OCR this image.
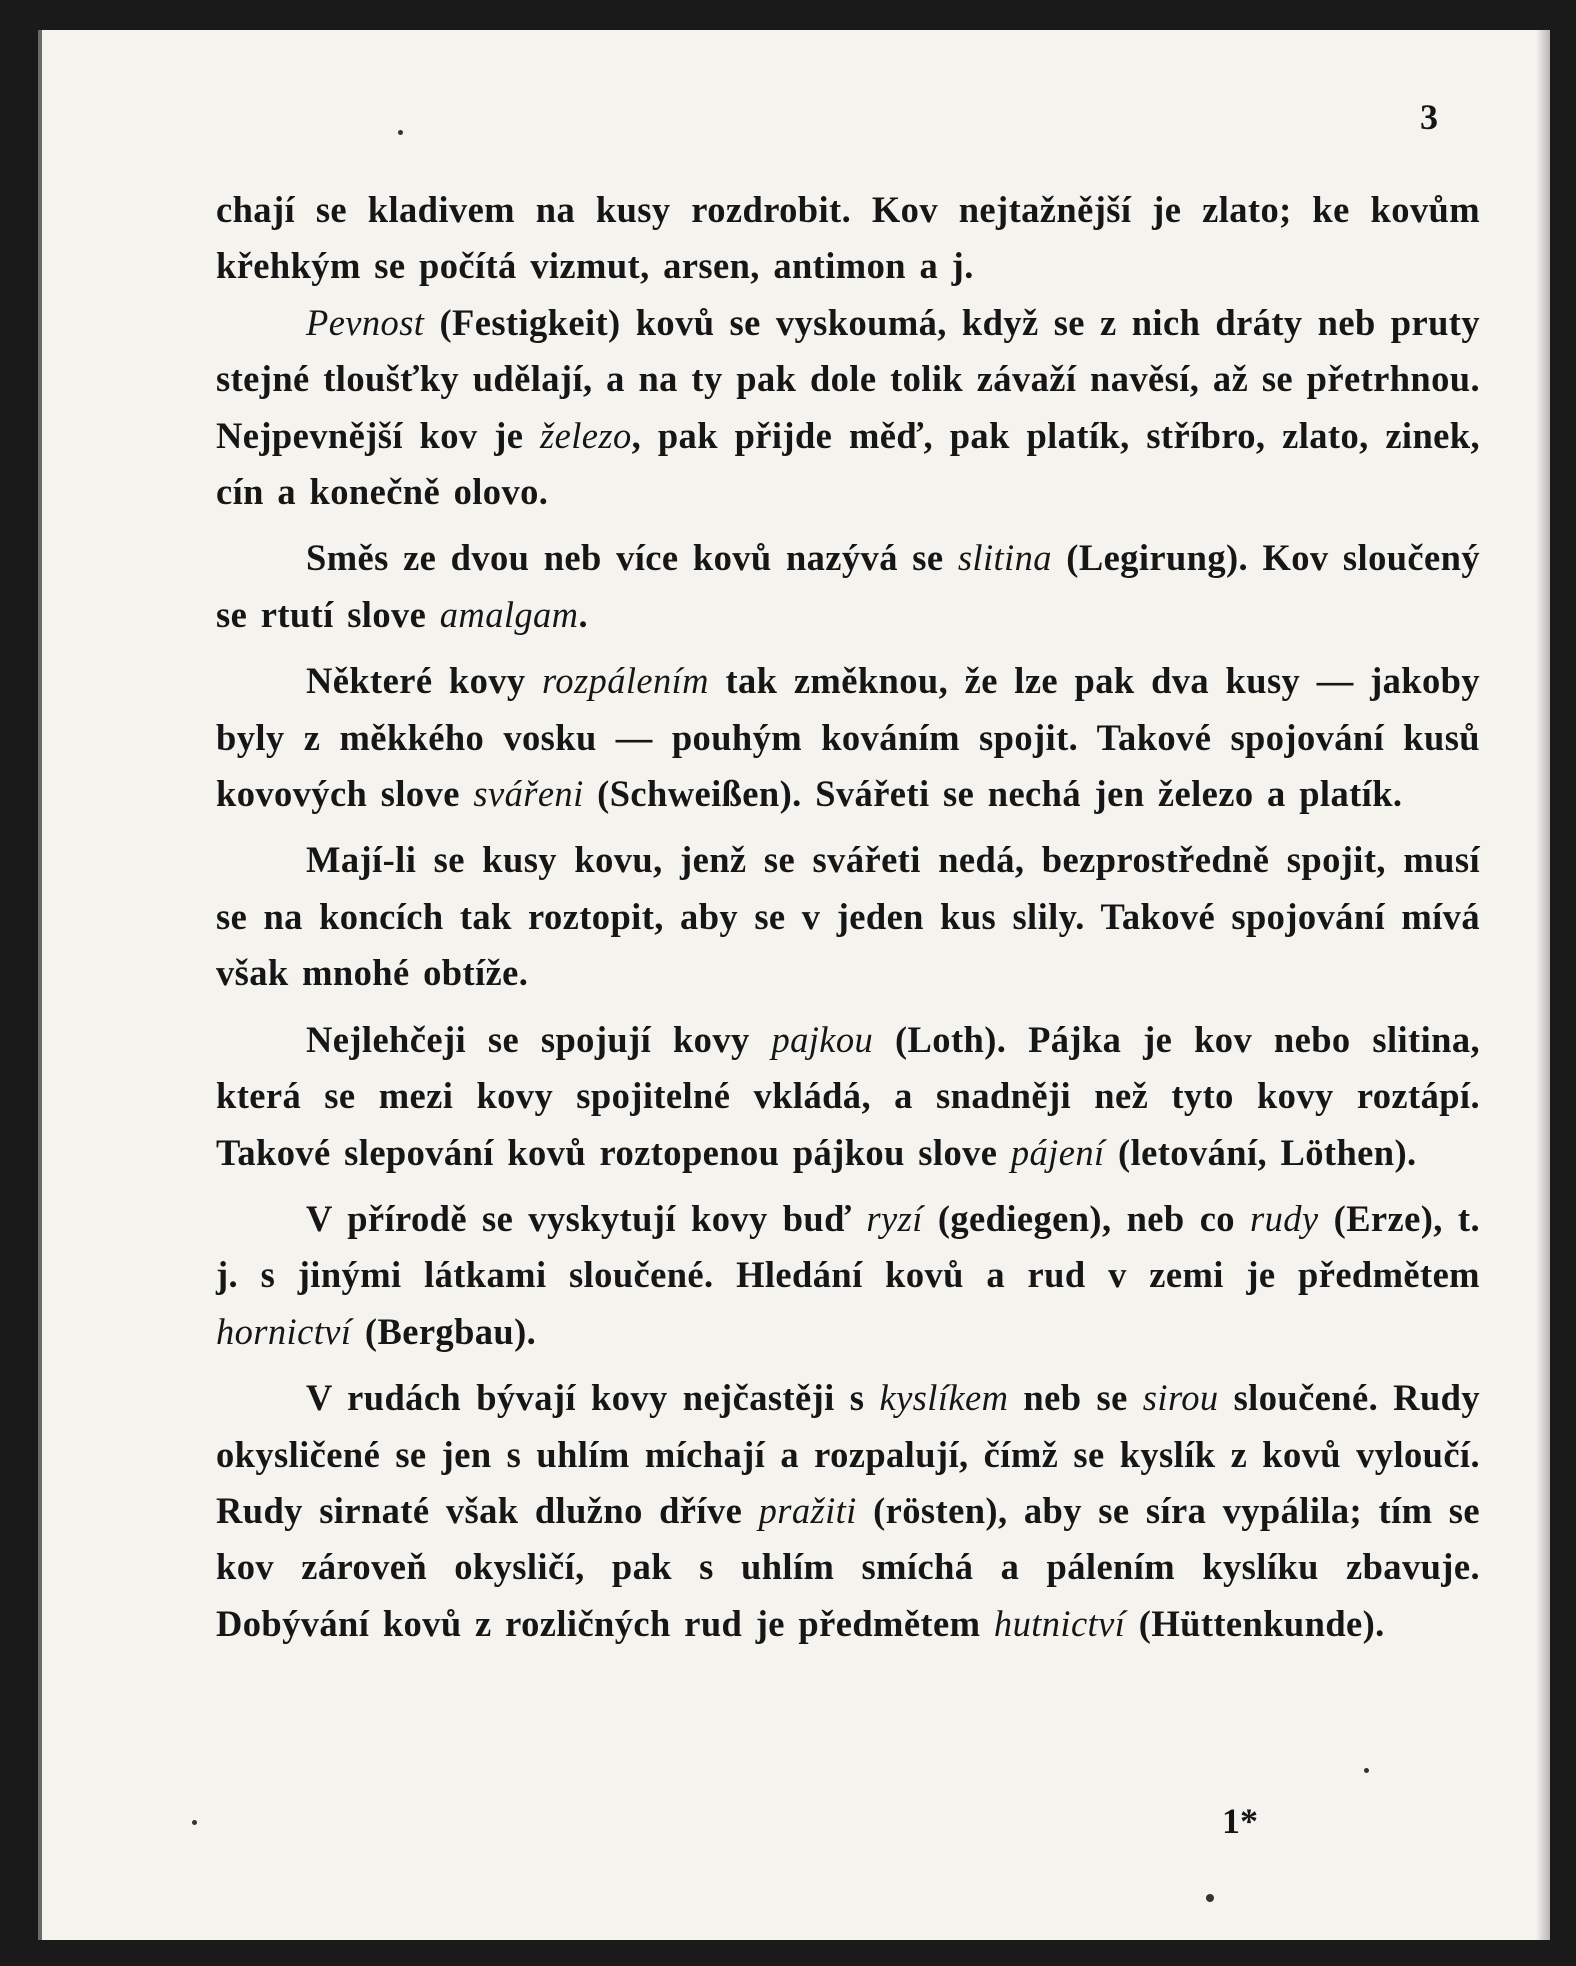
3

chají se kladivem na kusy rozdrobit. Kov nejtažnější je zlato; ke kovům křehkým se počítá vizmut, arsen, antimon a j.

Pevnost (Festigkeit) kovů se vyskoumá, když se z nich dráty neb pruty stejné tloušťky udělají, a na ty pak dole tolik závaží navěsí, až se přetrhnou. Nejpevnější kov je železo, pak přijde měď, pak platík, stříbro, zlato, zinek, cín a konečně olovo.

Směs ze dvou neb více kovů nazývá se slitina (Legirung). Kov sloučený se rtutí slove amalgam.

Některé kovy rozpálením tak změknou, že lze pak dva kusy — jakoby byly z měkkého vosku — pouhým kováním spojit. Takové spojování kusů kovových slove svářeni (Schweißen). Svářeti se nechá jen železo a platík.

Mají-li se kusy kovu, jenž se svářeti nedá, bezprostředně spojit, musí se na koncích tak roztopit, aby se v jeden kus slily. Takové spojování mívá však mnohé obtíže.

Nejlehčeji se spojují kovy pajkou (Loth). Pájka je kov nebo slitina, která se mezi kovy spojitelné vkládá, a snadněji než tyto kovy roztápí. Takové slepování kovů roztopenou pájkou slove pájení (letování, Löthen).

V přírodě se vyskytují kovy buď ryzí (gediegen), neb co rudy (Erze), t. j. s jinými látkami sloučené. Hledání kovů a rud v zemi je předmětem hornictví (Bergbau).

V rudách bývají kovy nejčastěji s kyslíkem neb se sirou sloučené. Rudy okysličené se jen s uhlím míchají a rozpalují, čímž se kyslík z kovů vyloučí. Rudy sirnaté však dlužno dříve pražiti (rösten), aby se síra vypálila; tím se kov zároveň okysličí, pak s uhlím smíchá a pálením kyslíku zbavuje. Dobývání kovů z rozličných rud je předmětem hutnictví (Hüttenkunde).

1*
